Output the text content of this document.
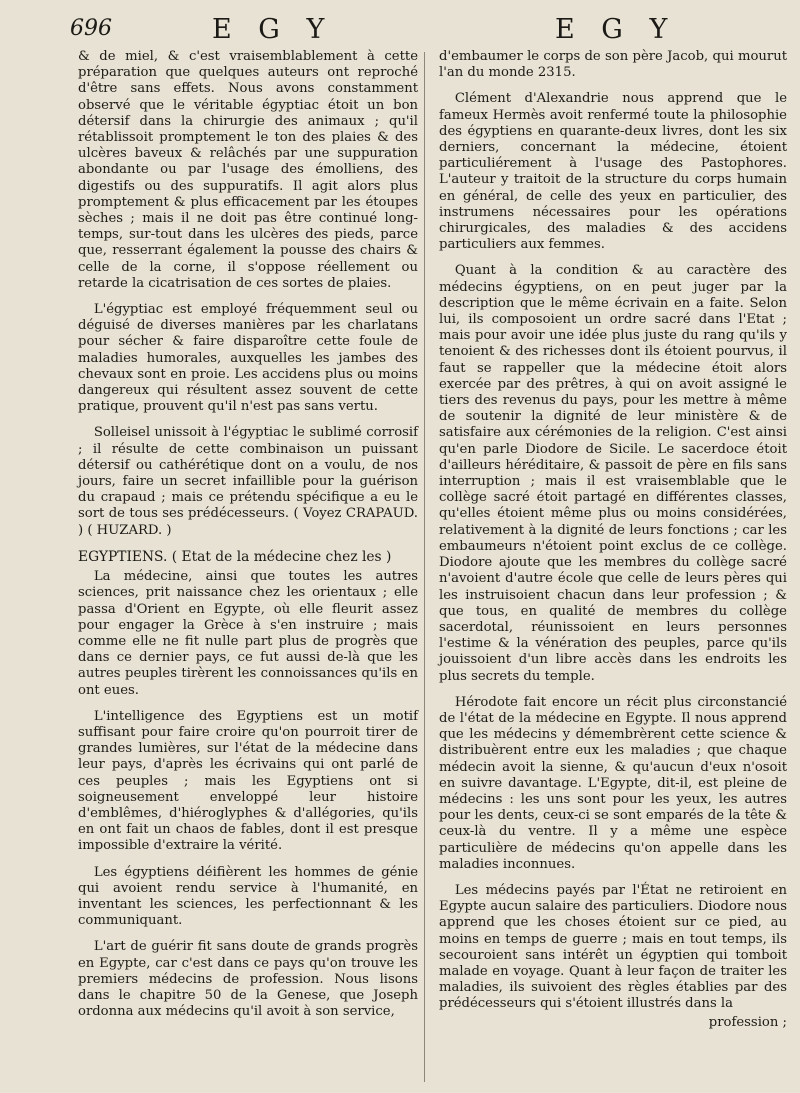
696	E G Y	E G Y

& de miel, & c'est vraisemblablement à cette préparation que quelques auteurs ont reproché d'être sans effets. Nous avons constamment observé que le véritable égyptiac étoit un bon détersif dans la chirurgie des animaux ; qu'il rétablissoit promptement le ton des plaies & des ulcères baveux & relâchés par une suppuration abondante ou par l'usage des émolliens, des digestifs ou des suppuratifs. Il agit alors plus promptement & plus efficacement par les étoupes sèches ; mais il ne doit pas être continué long-temps, sur-tout dans les ulcères des pieds, parce que, resserrant également la pousse des chairs & celle de la corne, il s'oppose réellement ou retarde la cicatrisation de ces sortes de plaies.

L'égyptiac est employé fréquemment seul ou déguisé de diverses manières par les charlatans pour sécher & faire disparoître cette foule de maladies humorales, auxquelles les jambes des chevaux sont en proie. Les accidens plus ou moins dangereux qui résultent assez souvent de cette pratique, prouvent qu'il n'est pas sans vertu.

Solleisel unissoit à l'égyptiac le sublimé corrosif ; il résulte de cette combinaison un puissant détersif ou cathérétique dont on a voulu, de nos jours, faire un secret infaillible pour la guérison du crapaud ; mais ce prétendu spécifique a eu le sort de tous ses prédécesseurs. ( Voyez CRAPAUD. ) ( HUZARD. )

EGYPTIENS. ( Etat de la médecine chez les )

La médecine, ainsi que toutes les autres sciences, prit naissance chez les orientaux ; elle passa d'Orient en Egypte, où elle fleurit assez pour engager la Grèce à s'en instruire ; mais comme elle ne fit nulle part plus de progrès que dans ce dernier pays, ce fut aussi de-là que les autres peuples tirèrent les connoissances qu'ils en ont eues.

L'intelligence des Egyptiens est un motif suffisant pour faire croire qu'on pourroit tirer de grandes lumières, sur l'état de la médecine dans leur pays, d'après les écrivains qui ont parlé de ces peuples ; mais les Egyptiens ont si soigneusement enveloppé leur histoire d'emblêmes, d'hiéroglyphes & d'allégories, qu'ils en ont fait un chaos de fables, dont il est presque impossible d'extraire la vérité.

Les égyptiens déifièrent les hommes de génie qui avoient rendu service à l'humanité, en inventant les sciences, les perfectionnant & les communiquant.

L'art de guérir fit sans doute de grands progrès en Egypte, car c'est dans ce pays qu'on trouve les premiers médecins de profession. Nous lisons dans le chapitre 50 de la Genese, que Joseph ordonna aux médecins qu'il avoit à son service,

d'embaumer le corps de son père Jacob, qui mourut l'an du monde 2315.

Clément d'Alexandrie nous apprend que le fameux Hermès avoit renfermé toute la philosophie des égyptiens en quarante-deux livres, dont les six derniers, concernant la médecine, étoient particuliérement à l'usage des Pastophores. L'auteur y traitoit de la structure du corps humain en général, de celle des yeux en particulier, des instrumens nécessaires pour les opérations chirurgicales, des maladies & des accidens particuliers aux femmes.

Quant à la condition & au caractère des médecins égyptiens, on en peut juger par la description que le même écrivain en a faite. Selon lui, ils composoient un ordre sacré dans l'Etat ; mais pour avoir une idée plus juste du rang qu'ils y tenoient & des richesses dont ils étoient pourvus, il faut se rappeller que la médecine étoit alors exercée par des prêtres, à qui on avoit assigné le tiers des revenus du pays, pour les mettre à même de soutenir la dignité de leur ministère & de satisfaire aux cérémonies de la religion. C'est ainsi qu'en parle Diodore de Sicile. Le sacerdoce étoit d'ailleurs héréditaire, & passoit de père en fils sans interruption ; mais il est vraisemblable que le collège sacré étoit partagé en différentes classes, qu'elles étoient même plus ou moins considérées, relativement à la dignité de leurs fonctions ; car les embaumeurs n'étoient point exclus de ce collège. Diodore ajoute que les membres du collège sacré n'avoient d'autre école que celle de leurs pères qui les instruisoient chacun dans leur profession ; & que tous, en qualité de membres du collège sacerdotal, réunissoient en leurs personnes l'estime & la vénération des peuples, parce qu'ils jouissoient d'un libre accès dans les endroits les plus secrets du temple.

Hérodote fait encore un récit plus circonstancié de l'état de la médecine en Egypte. Il nous apprend que les médecins y démembrèrent cette science & distribuèrent entre eux les maladies ; que chaque médecin avoit la sienne, & qu'aucun d'eux n'osoit en suivre davantage. L'Egypte, dit-il, est pleine de médecins : les uns sont pour les yeux, les autres pour les dents, ceux-ci se sont emparés de la tête & ceux-là du ventre. Il y a même une espèce particulière de médecins qu'on appelle dans les maladies inconnues.

Les médecins payés par l'État ne retiroient en Egypte aucun salaire des particuliers. Diodore nous apprend que les choses étoient sur ce pied, au moins en temps de guerre ; mais en tout temps, ils secouroient sans intérêt un égyptien qui tomboit malade en voyage. Quant à leur façon de traiter les maladies, ils suivoient des règles établies par des prédécesseurs qui s'étoient illustrés dans la

profession ;
